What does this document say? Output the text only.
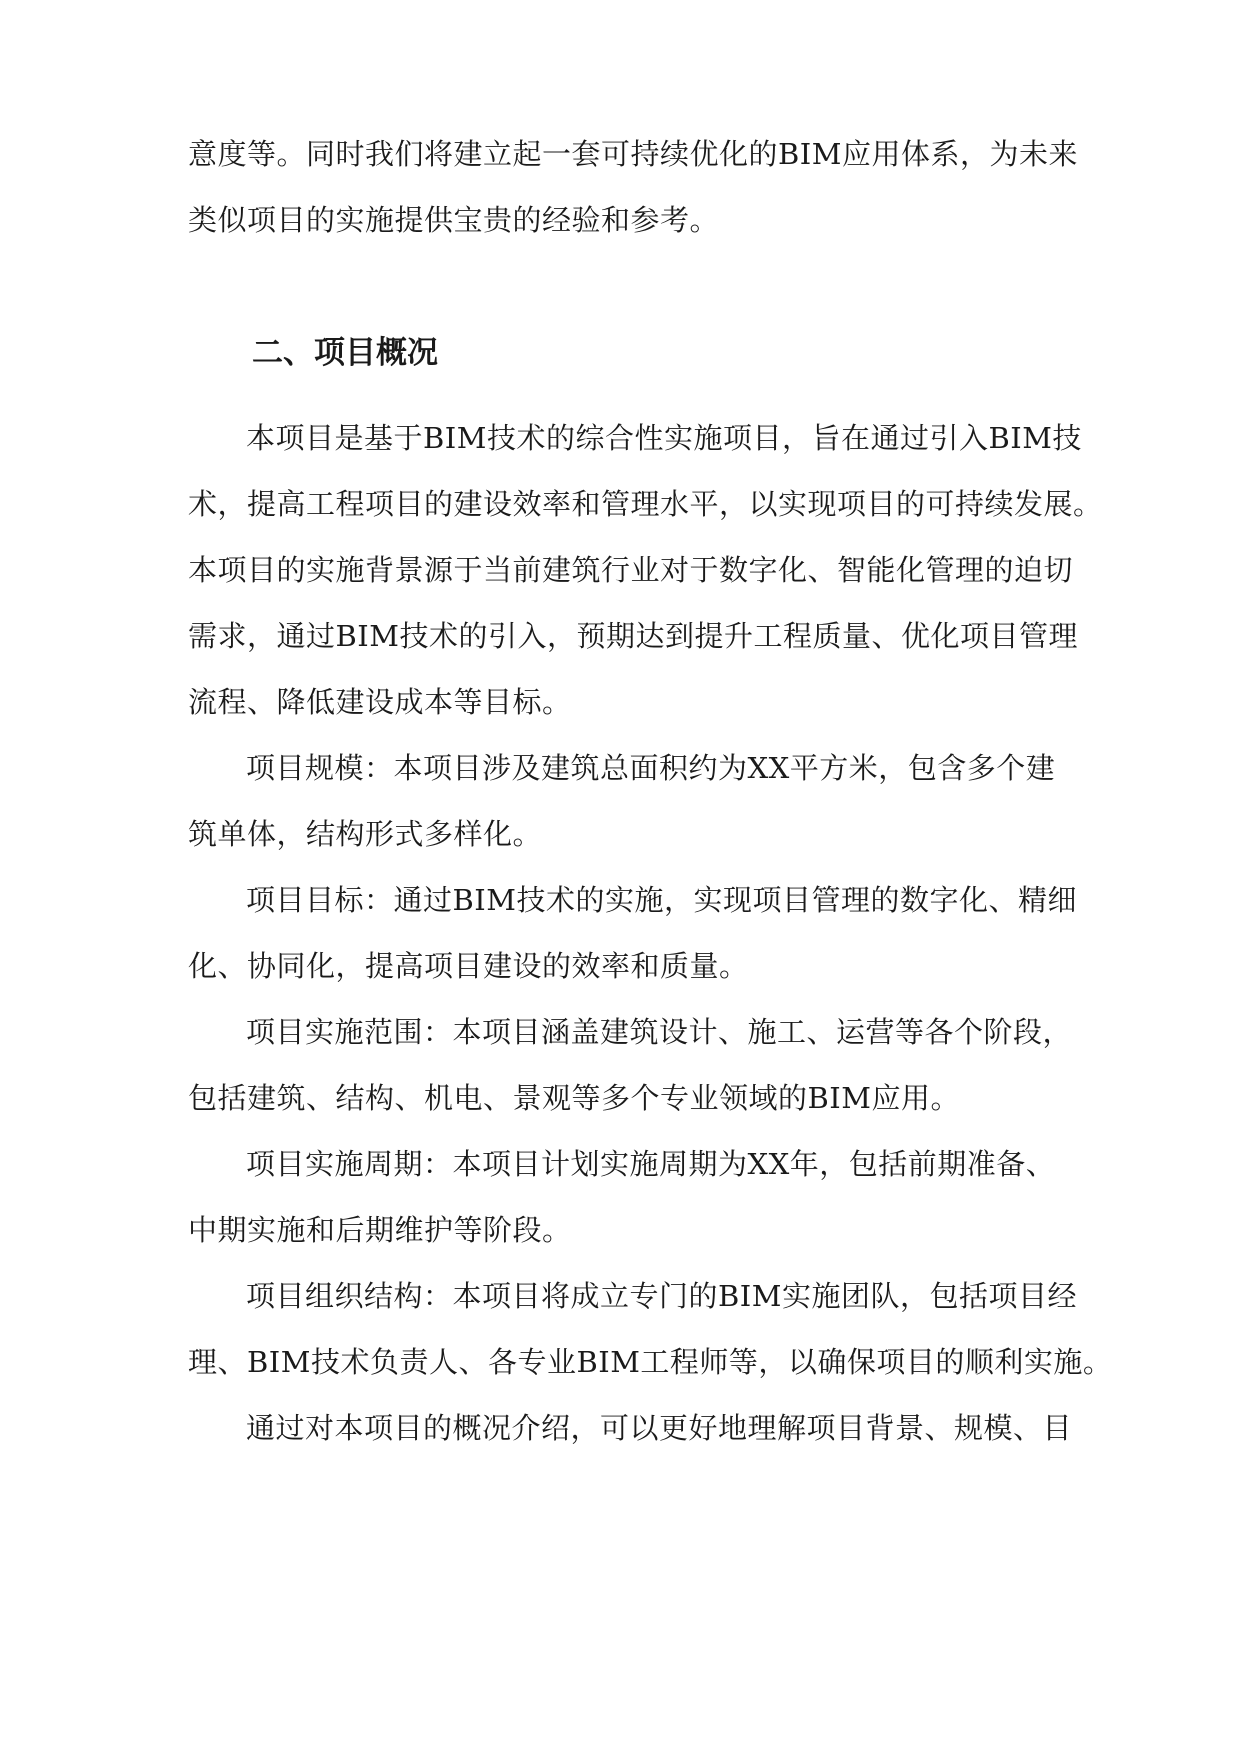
意度等。同时我们将建立起一套可持续优化的BIM应用体系，为未来
类似项目的实施提供宝贵的经验和参考。
二、项目概况
本项目是基于BIM技术的综合性实施项目，旨在通过引入BIM技
术，提高工程项目的建设效率和管理水平，以实现项目的可持续发展。
本项目的实施背景源于当前建筑行业对于数字化、智能化管理的迫切
需求，通过BIM技术的引入，预期达到提升工程质量、优化项目管理
流程、降低建设成本等目标。
项目规模：本项目涉及建筑总面积约为XX平方米，包含多个建
筑单体，结构形式多样化。
项目目标：通过BIM技术的实施，实现项目管理的数字化、精细
化、协同化，提高项目建设的效率和质量。
项目实施范围：本项目涵盖建筑设计、施工、运营等各个阶段，
包括建筑、结构、机电、景观等多个专业领域的BIM应用。
项目实施周期：本项目计划实施周期为XX年，包括前期准备、
中期实施和后期维护等阶段。
项目组织结构：本项目将成立专门的BIM实施团队，包括项目经
理、BIM技术负责人、各专业BIM工程师等，以确保项目的顺利实施。
通过对本项目的概况介绍，可以更好地理解项目背景、规模、目
